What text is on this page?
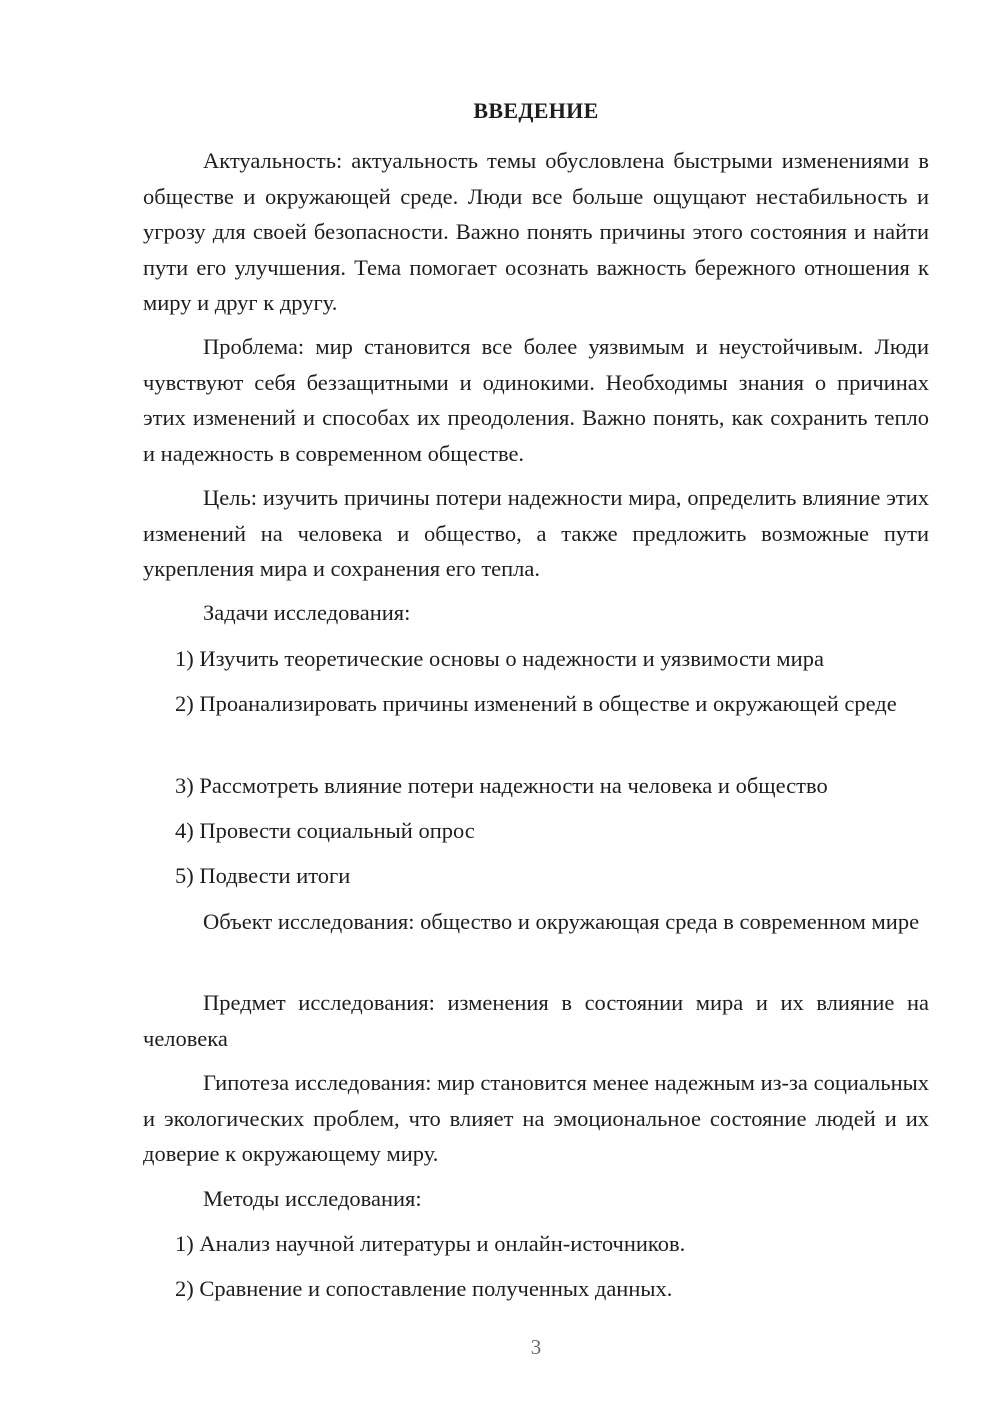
ВВЕДЕНИЕ

Актуальность: актуальность темы обусловлена быстрыми изменениями в обществе и окружающей среде. Люди все больше ощущают нестабильность и угрозу для своей безопасности. Важно понять причины этого состояния и найти пути его улучшения. Тема помогает осознать важность бережного отношения к миру и друг к другу.

Проблема: мир становится все более уязвимым и неустойчивым. Люди чувствуют себя беззащитными и одинокими. Необходимы знания о причинах этих изменений и способах их преодоления. Важно понять, как сохранить тепло и надежность в современном обществе.

Цель: изучить причины потери надежности мира, определить влияние этих изменений на человека и общество, а также предложить возможные пути укрепления мира и сохранения его тепла.

Задачи исследования:

1) Изучить теоретические основы о надежности и уязвимости мира

2) Проанализировать причины изменений в обществе и окружающей среде

3) Рассмотреть влияние потери надежности на человека и общество

4) Провести социальный опрос

5) Подвести итоги

Объект исследования: общество и окружающая среда в современном мире

Предмет исследования: изменения в состоянии мира и их влияние на человека

Гипотеза исследования: мир становится менее надежным из-за социальных и экологических проблем, что влияет на эмоциональное состояние людей и их доверие к окружающему миру.

Методы исследования:

1) Анализ научной литературы и онлайн-источников.

2) Сравнение и сопоставление полученных данных.

3
